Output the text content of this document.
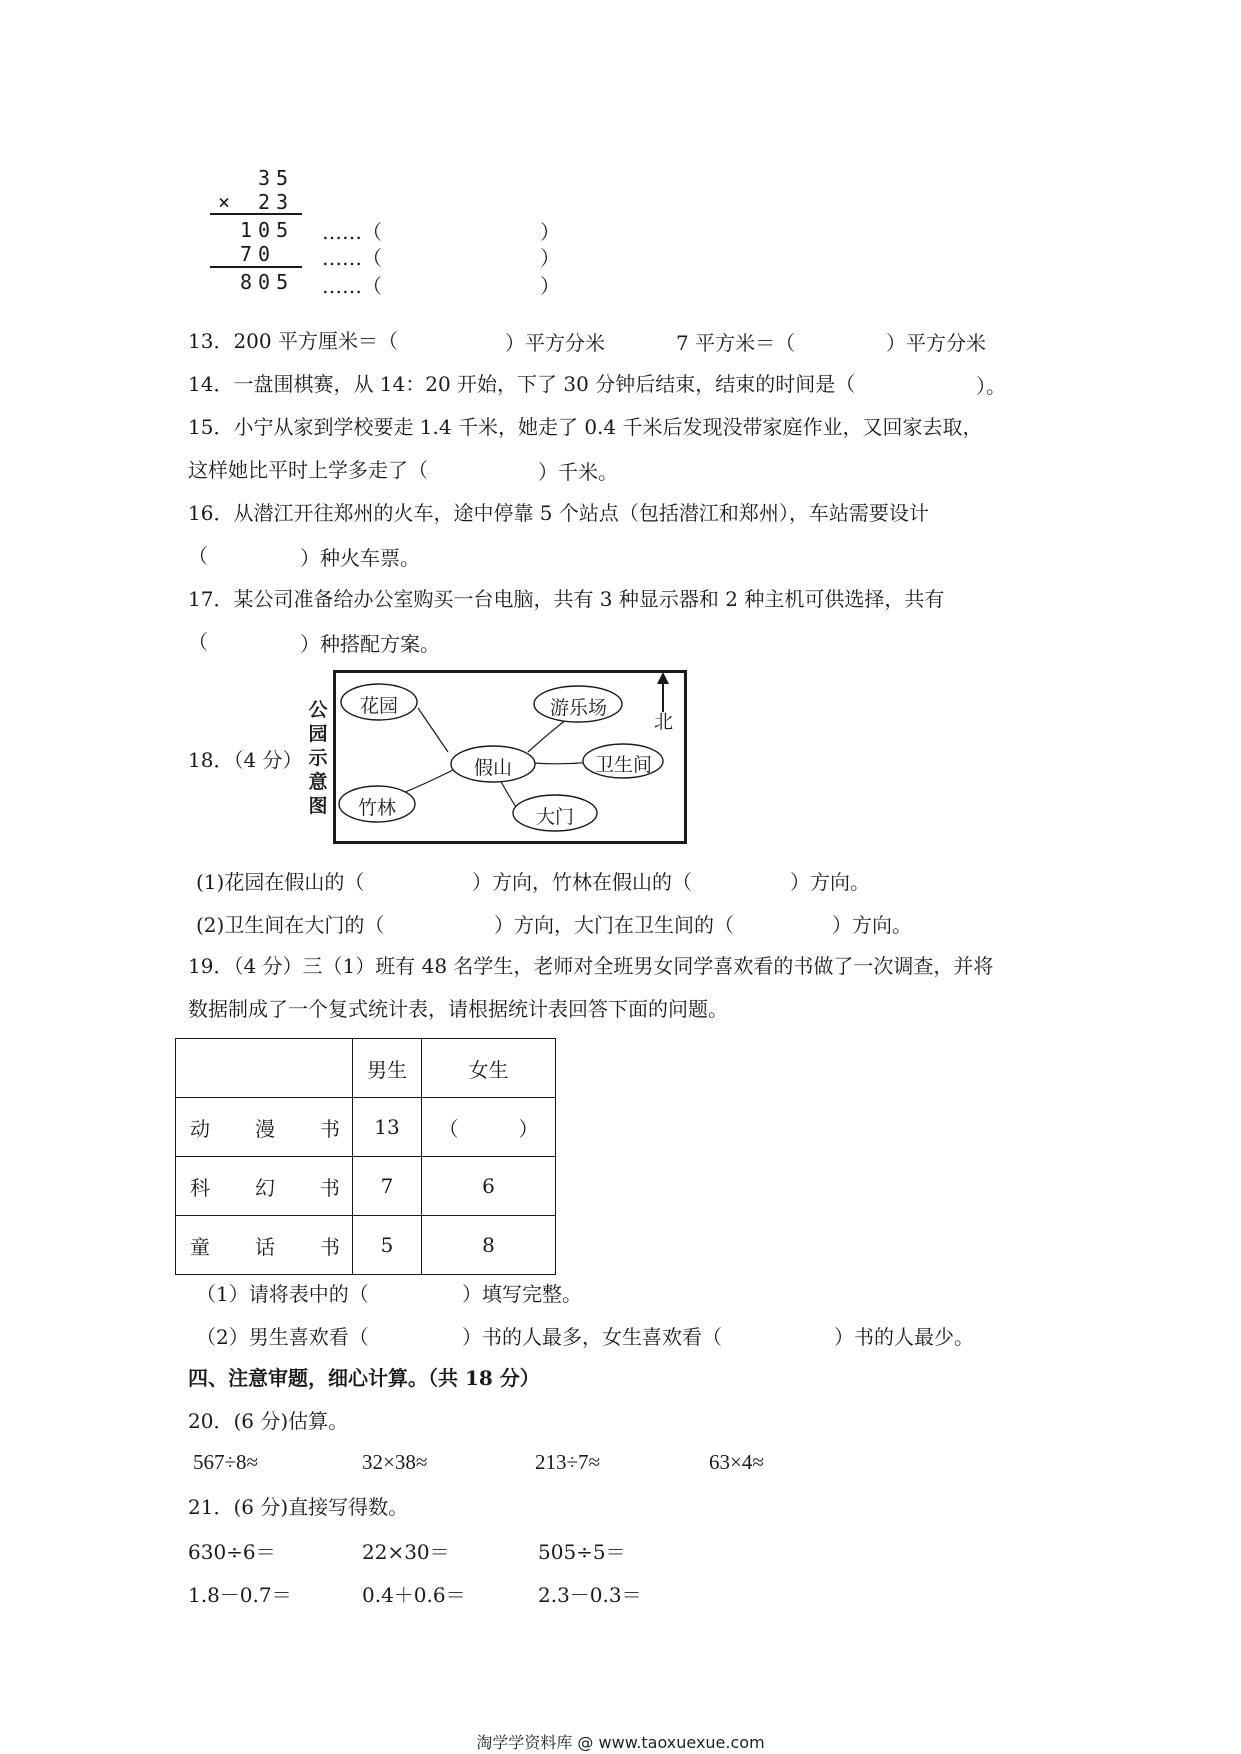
35
× 23
105
70
805
……（	）
……（	）
……（	）
13．200 平方厘米＝（	）平方分米	7 平方米＝（	）平方分米
14．一盘围棋赛，从 14：20 开始，下了 30 分钟后结束，结束的时间是（	）。
15．小宁从家到学校要走 1.4 千米，她走了 0.4 千米后发现没带家庭作业，又回家去取，
这样她比平时上学多走了（	）千米。
16．从潜江开往郑州的火车，途中停靠 5 个站点（包括潜江和郑州），车站需要设计
（	）种火车票。
17．某公司准备给办公室购买一台电脑，共有 3 种显示器和 2 种主机可供选择，共有
（	）种搭配方案。
18．（4 分）
公
园
示
意
图
花园	游乐场
假山	卫生间
竹林	大门
北
(1)花园在假山的（	）方向，竹林在假山的（	）方向。
(2)卫生间在大门的（	）方向，大门在卫生间的（	）方向。
19．（4 分）三（1）班有 48 名学生，老师对全班男女同学喜欢看的书做了一次调查，并将
数据制成了一个复式统计表，请根据统计表回答下面的问题。
	男生	女生

动 漫 书	13	（　　　）

科 幻 书	7	6

童 话 书	5	8
（1）请将表中的（	）填写完整。
（2）男生喜欢看（	）书的人最多，女生喜欢看（	）书的人最少。
四、注意审题，细心计算。（共 18 分）
20．(6 分)估算。
567÷8≈	32×38≈	213÷7≈	63×4≈
21．(6 分)直接写得数。
630÷6＝	22×30＝	505÷5＝
1.8－0.7＝	0.4＋0.6＝	2.3－0.3＝
淘学学资料库 @ www.taoxuexue.com
